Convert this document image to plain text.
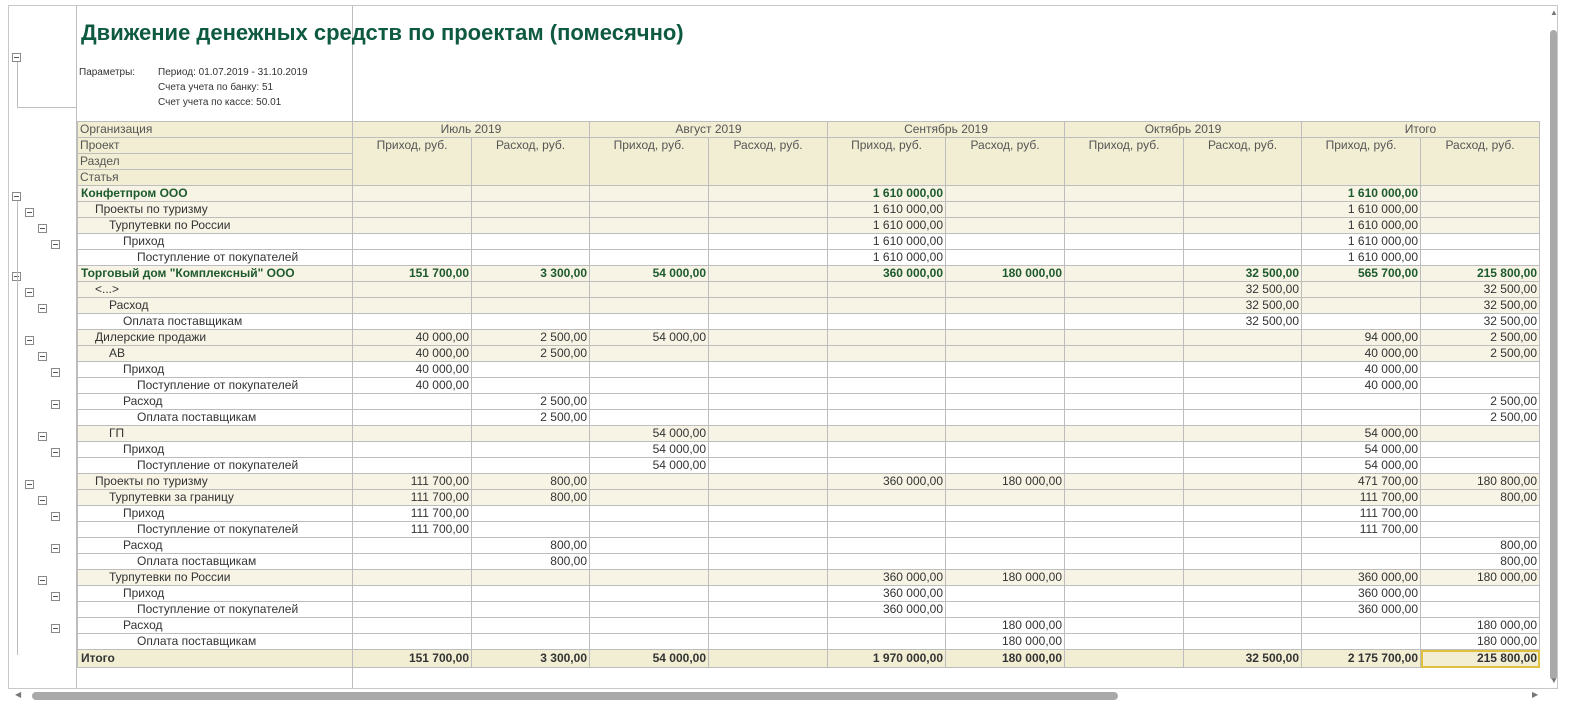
Движение денежных средств по проектам (помесячно)
Параметры:	Период: 01.07.2019 - 31.10.2019
Счета учета по банку: 51
Счет учета по кассе: 50.01
Организация	Июль 2019		Август 2019		Сентябрь 2019		Октябрь 2019		Итого	
Проект	Приход, руб.	Расход, руб.	Приход, руб.	Расход, руб.	Приход, руб.	Расход, руб.	Приход, руб.	Расход, руб.	Приход, руб.	Расход, руб.
Раздел										
Статья										
Конфетпром ООО					1 610 000,00				1 610 000,00	
Проекты по туризму					1 610 000,00				1 610 000,00	
Турпутевки по России					1 610 000,00				1 610 000,00	
Приход					1 610 000,00				1 610 000,00	
Поступление от покупателей					1 610 000,00				1 610 000,00	
Торговый дом "Комплексный" ООО	151 700,00	3 300,00	54 000,00		360 000,00	180 000,00		32 500,00	565 700,00	215 800,00
<...>								32 500,00		32 500,00
Расход								32 500,00		32 500,00
Оплата поставщикам								32 500,00		32 500,00
Дилерские продажи	40 000,00	2 500,00	54 000,00						94 000,00	2 500,00
АВ	40 000,00	2 500,00							40 000,00	2 500,00
Приход	40 000,00								40 000,00	
Поступление от покупателей	40 000,00								40 000,00	
Расход		2 500,00								2 500,00
Оплата поставщикам		2 500,00								2 500,00
ГП			54 000,00						54 000,00	
Приход			54 000,00						54 000,00	
Поступление от покупателей			54 000,00						54 000,00	
Проекты по туризму	111 700,00	800,00			360 000,00	180 000,00			471 700,00	180 800,00
Турпутевки за границу	111 700,00	800,00							111 700,00	800,00
Приход	111 700,00								111 700,00	
Поступление от покупателей	111 700,00								111 700,00	
Расход		800,00								800,00
Оплата поставщикам		800,00								800,00
Турпутевки по России					360 000,00	180 000,00			360 000,00	180 000,00
Приход					360 000,00				360 000,00	
Поступление от покупателей					360 000,00				360 000,00	
Расход						180 000,00				180 000,00
Оплата поставщикам						180 000,00				180 000,00
Итого	151 700,00	3 300,00	54 000,00		1 970 000,00	180 000,00		32 500,00	2 175 700,00	215 800,00
◀	▶
▲
▼
